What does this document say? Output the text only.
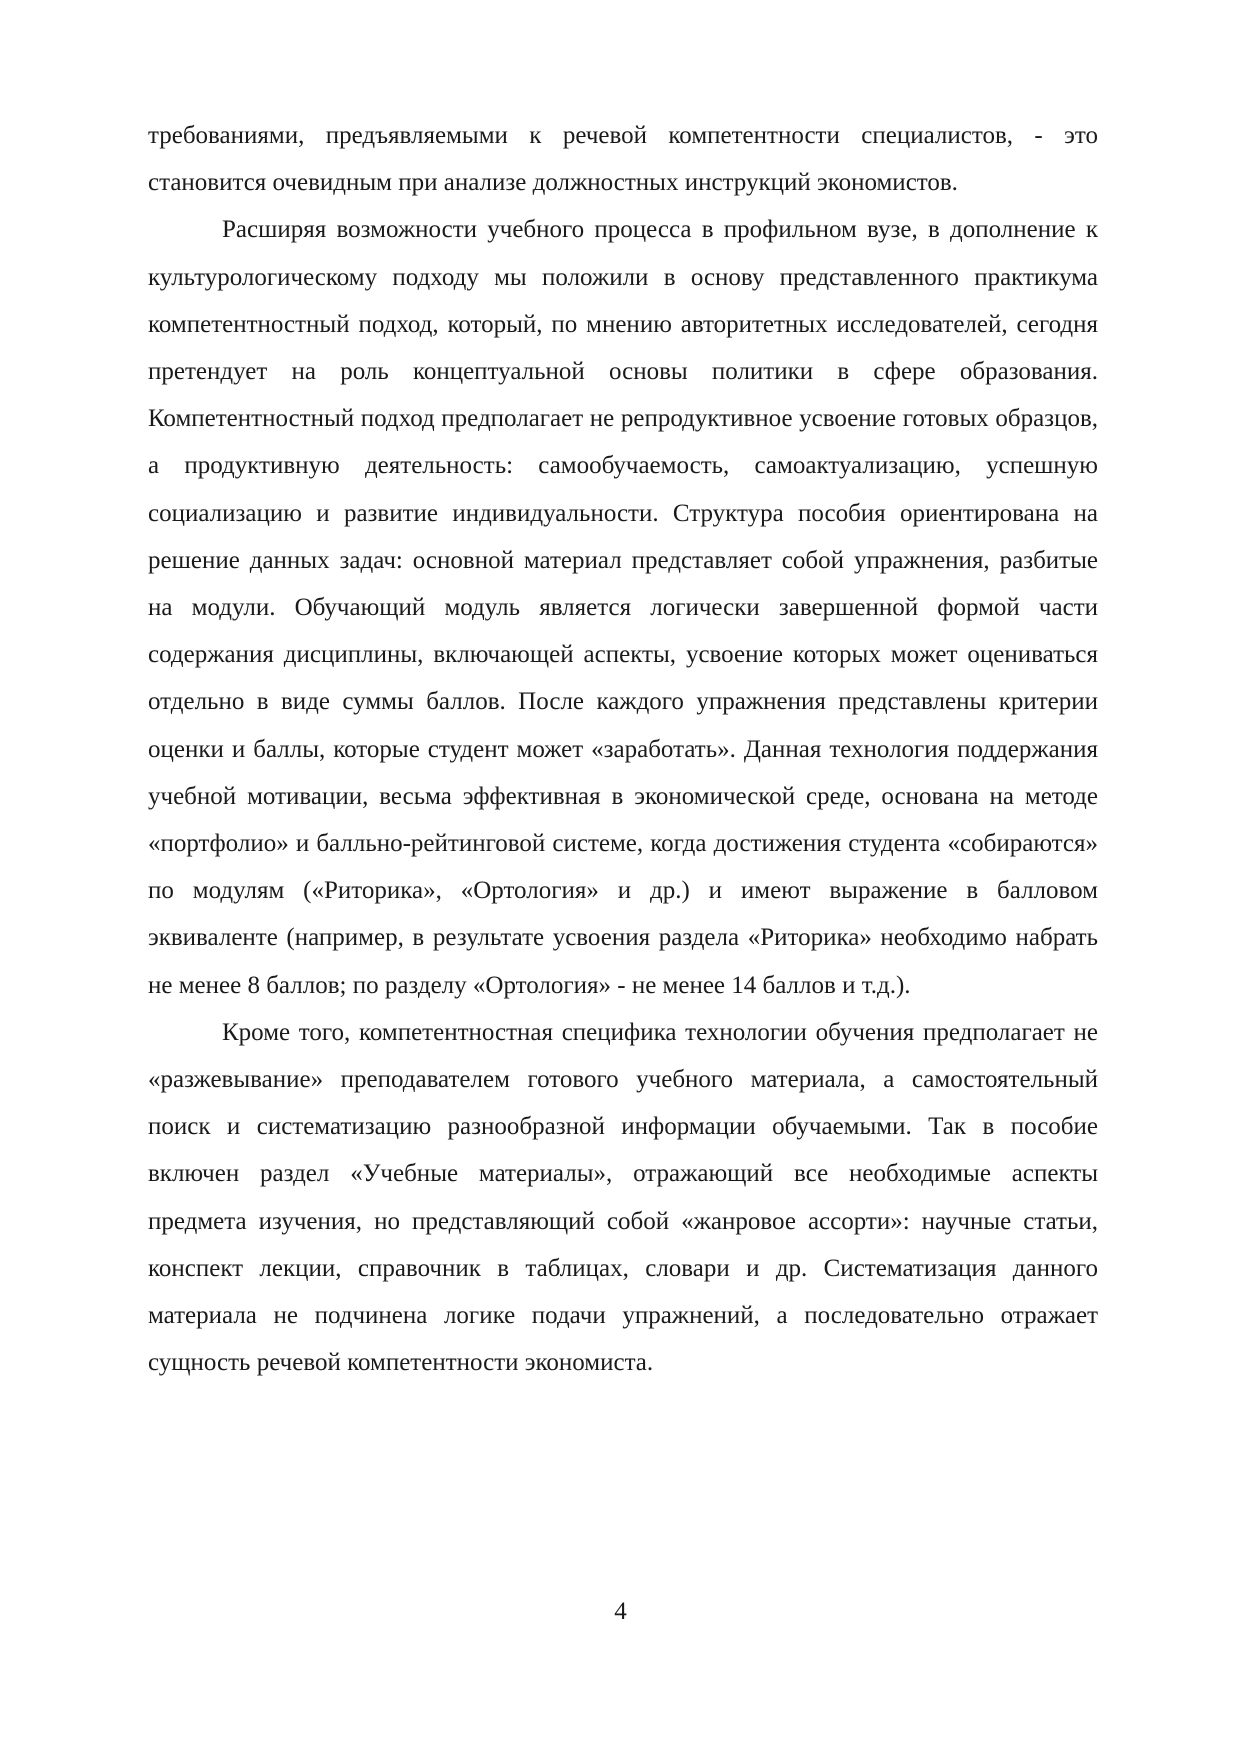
требованиями, предъявляемыми к речевой компетентности специалистов, - это становится очевидным при анализе должностных инструкций экономистов.

Расширяя возможности учебного процесса в профильном вузе, в дополнение к культурологическому подходу мы положили в основу представленного практикума компетентностный подход, который, по мнению авторитетных исследователей, сегодня претендует на роль концептуальной основы политики в сфере образования. Компетентностный подход предполагает не репродуктивное усвоение готовых образцов, а продуктивную деятельность: самообучаемость, самоактуализацию, успешную социализацию и развитие индивидуальности. Структура пособия ориентирована на решение данных задач: основной материал представляет собой упражнения, разбитые на модули. Обучающий модуль является логически завершенной формой части содержания дисциплины, включающей аспекты, усвоение которых может оцениваться отдельно в виде суммы баллов. После каждого упражнения представлены критерии оценки и баллы, которые студент может «заработать». Данная технология поддержания учебной мотивации, весьма эффективная в экономической среде, основана на методе «портфолио» и балльно-рейтинговой системе, когда достижения студента «собираются» по модулям («Риторика», «Ортология» и др.) и имеют выражение в балловом эквиваленте (например, в результате усвоения раздела «Риторика» необходимо набрать не менее 8 баллов; по разделу «Ортология» - не менее 14 баллов и т.д.).

Кроме того, компетентностная специфика технологии обучения предполагает не «разжевывание» преподавателем готового учебного материала, а самостоятельный поиск и систематизацию разнообразной информации обучаемыми. Так в пособие включен раздел «Учебные материалы», отражающий все необходимые аспекты предмета изучения, но представляющий собой «жанровое ассорти»: научные статьи, конспект лекции, справочник в таблицах, словари и др. Систематизация данного материала не подчинена логике подачи упражнений, а последовательно отражает сущность речевой компетентности экономиста.

4
